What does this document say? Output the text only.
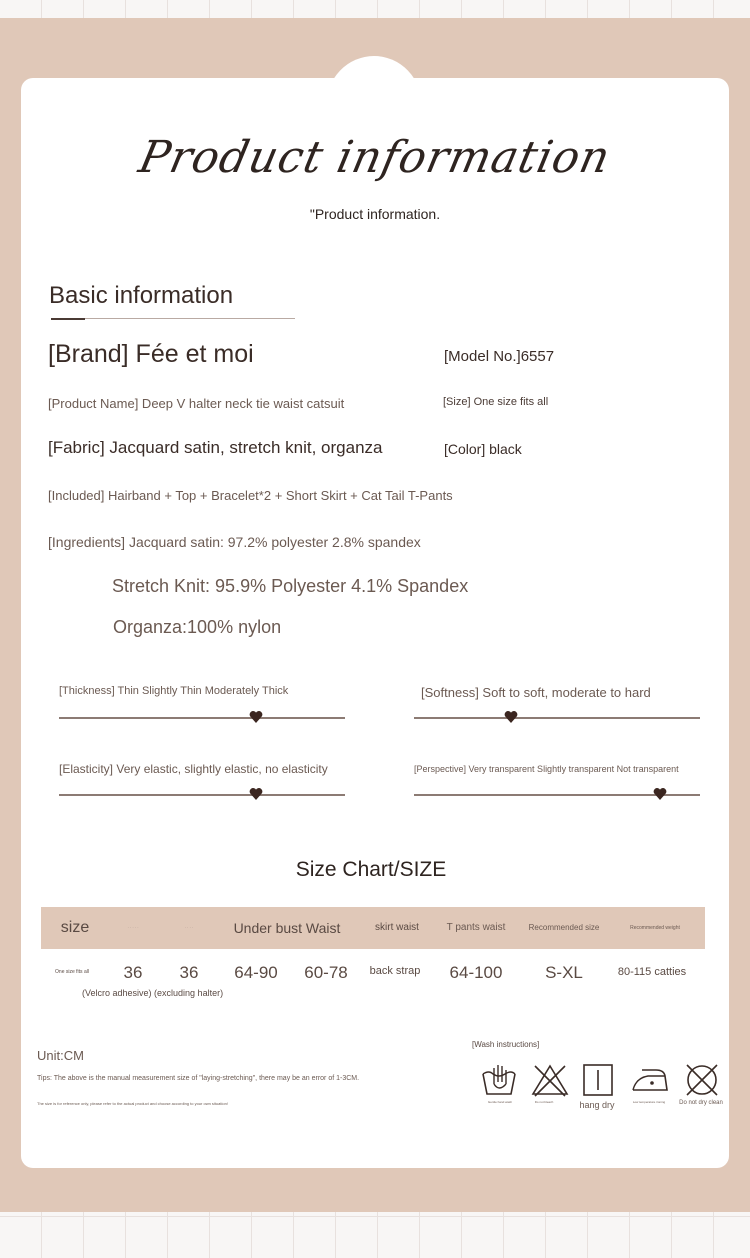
Product information
"Product information.
Basic information
[Brand] Fée et moi	[Model No.]6557
[Product Name] Deep V halter neck tie waist catsuit	[Size] One size fits all
[Fabric] Jacquard satin, stretch knit, organza	[Color] black
[Included] Hairband + Top + Bracelet*2 + Short Skirt + Cat Tail T-Pants
[Ingredients] Jacquard satin: 97.2% polyester 2.8% spandex
Stretch Knit: 95.9% Polyester 4.1% Spandex
Organza:100% nylon
[Thickness] Thin Slightly Thin Moderately Thick	[Softness] Soft to soft, moderate to hard
[Elasticity] Very elastic, slightly elastic, no elasticity	[Perspective] Very transparent Slightly transparent Not transparent
Size Chart/SIZE
size	· · · · ·	· · · ·	Under bust Waist	skirt waist	T pants waist	Recommended size	Recommended weight
One size fits all	36	36	64-90	60-78	back strap	64-100	S-XL	80-115 catties
(Velcro adhesive) (excluding halter)
Unit:CM
Tips: The above is the manual measurement size of "laying-stretching", there may be an error of 1-3CM.
The size is for reference only, please refer to the actual product and choose according to your own situation!
[Wash instructions]
Gentle hand wash	Do not bleach	hang dry	Low temperature ironing	Do not dry clean
